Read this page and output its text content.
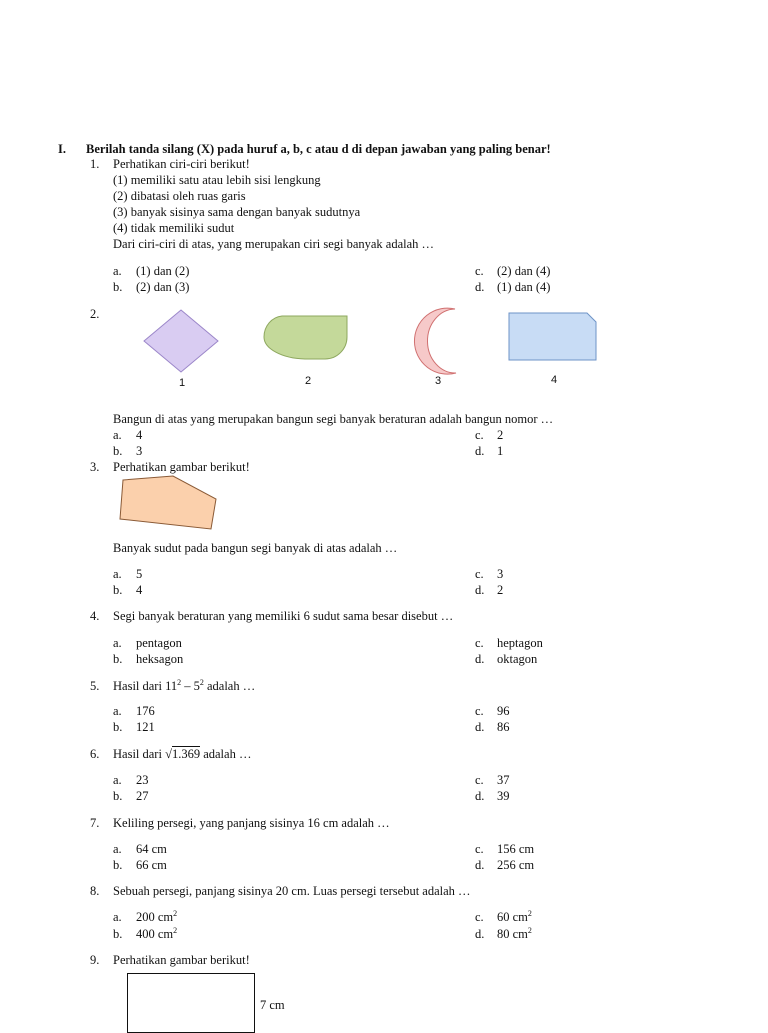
I. Berilah tanda silang (X) pada huruf a, b, c atau d di depan jawaban yang paling benar!
1. Perhatikan ciri-ciri berikut!
(1) memiliki satu atau lebih sisi lengkung
(2) dibatasi oleh ruas garis
(3) banyak sisinya sama dengan banyak sudutnya
(4) tidak memiliki sudut
Dari ciri-ciri di atas, yang merupakan ciri segi banyak adalah …
a. (1) dan (2)
b. (2) dan (3)
c. (2) dan (4)
d. (1) dan (4)
2.
1	2	3	4
Bangun di atas yang merupakan bangun segi banyak beraturan adalah bangun nomor …
a. 4
b. 3
c. 2
d. 1
3. Perhatikan gambar berikut!
Banyak sudut pada bangun segi banyak di atas adalah …
a. 5
b. 4
c. 3
d. 2
4. Segi banyak beraturan yang memiliki 6 sudut sama besar disebut …
a. pentagon
b. heksagon
c. heptagon
d. oktagon
5. Hasil dari $11^2 - 5^2$ adalah …
a. 176
b. 121
c. 96
d. 86
6. Hasil dari √1.369 adalah …
a. 23
b. 27
c. 37
d. 39
7. Keliling persegi, yang panjang sisinya 16 cm adalah …
a. 64 cm
b. 66 cm
c. 156 cm
d. 256 cm
8. Sebuah persegi, panjang sisinya 20 cm. Luas persegi tersebut adalah …
a. 200 $cm^2$
b. 400 $cm^2$
c. 60 $cm^2$
d. 80 $cm^2$
9. Perhatikan gambar berikut!
7 cm
